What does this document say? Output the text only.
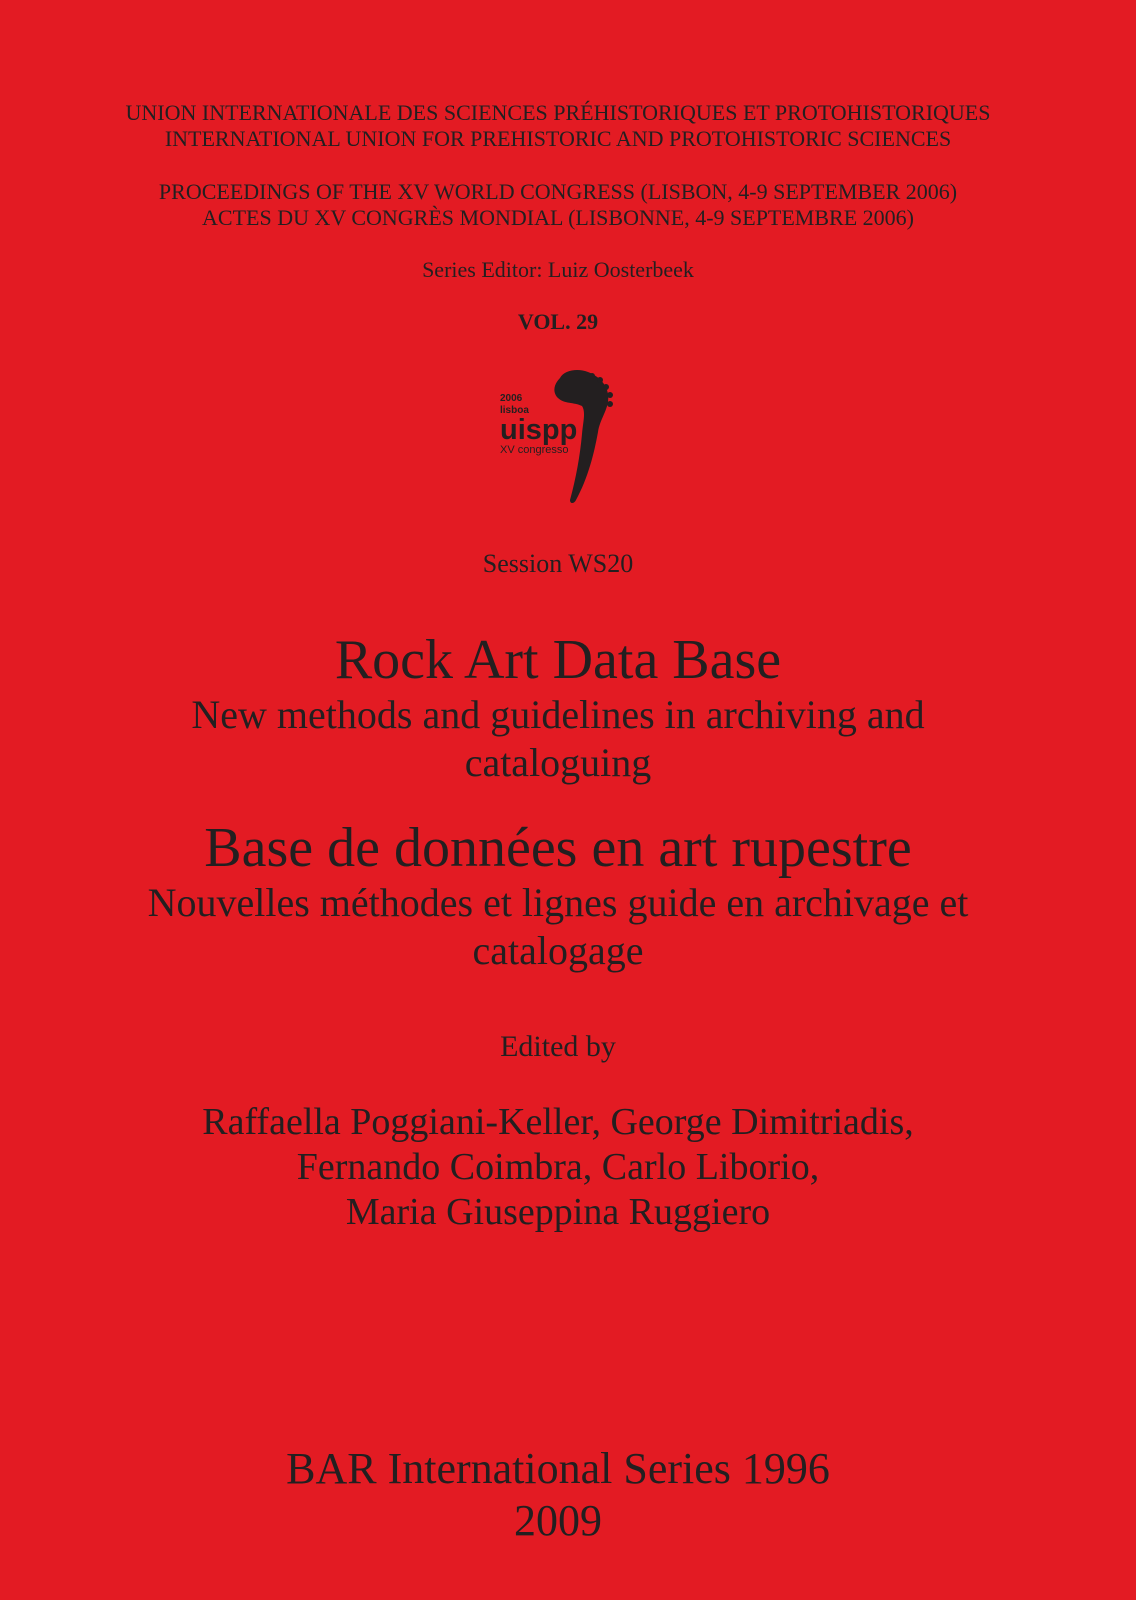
UNION INTERNATIONALE DES SCIENCES PRÉHISTORIQUES ET PROTOHISTORIQUES
INTERNATIONAL UNION FOR PREHISTORIC AND PROTOHISTORIC SCIENCES
PROCEEDINGS OF THE XV WORLD CONGRESS (LISBON, 4-9 SEPTEMBER 2006)
ACTES DU XV CONGRÈS MONDIAL (LISBONNE, 4-9 SEPTEMBRE 2006)
Series Editor: Luiz Oosterbeek
VOL. 29
2006
lisboa
uispp
XV congresso
Session WS20
Rock Art Data Base
New methods and guidelines in archiving and
cataloguing
Base de données en art rupestre
Nouvelles méthodes et lignes guide en archivage et
catalogage
Edited by
Raffaella Poggiani-Keller, George Dimitriadis,
Fernando Coimbra, Carlo Liborio,
Maria Giuseppina Ruggiero
BAR International Series 1996
2009
